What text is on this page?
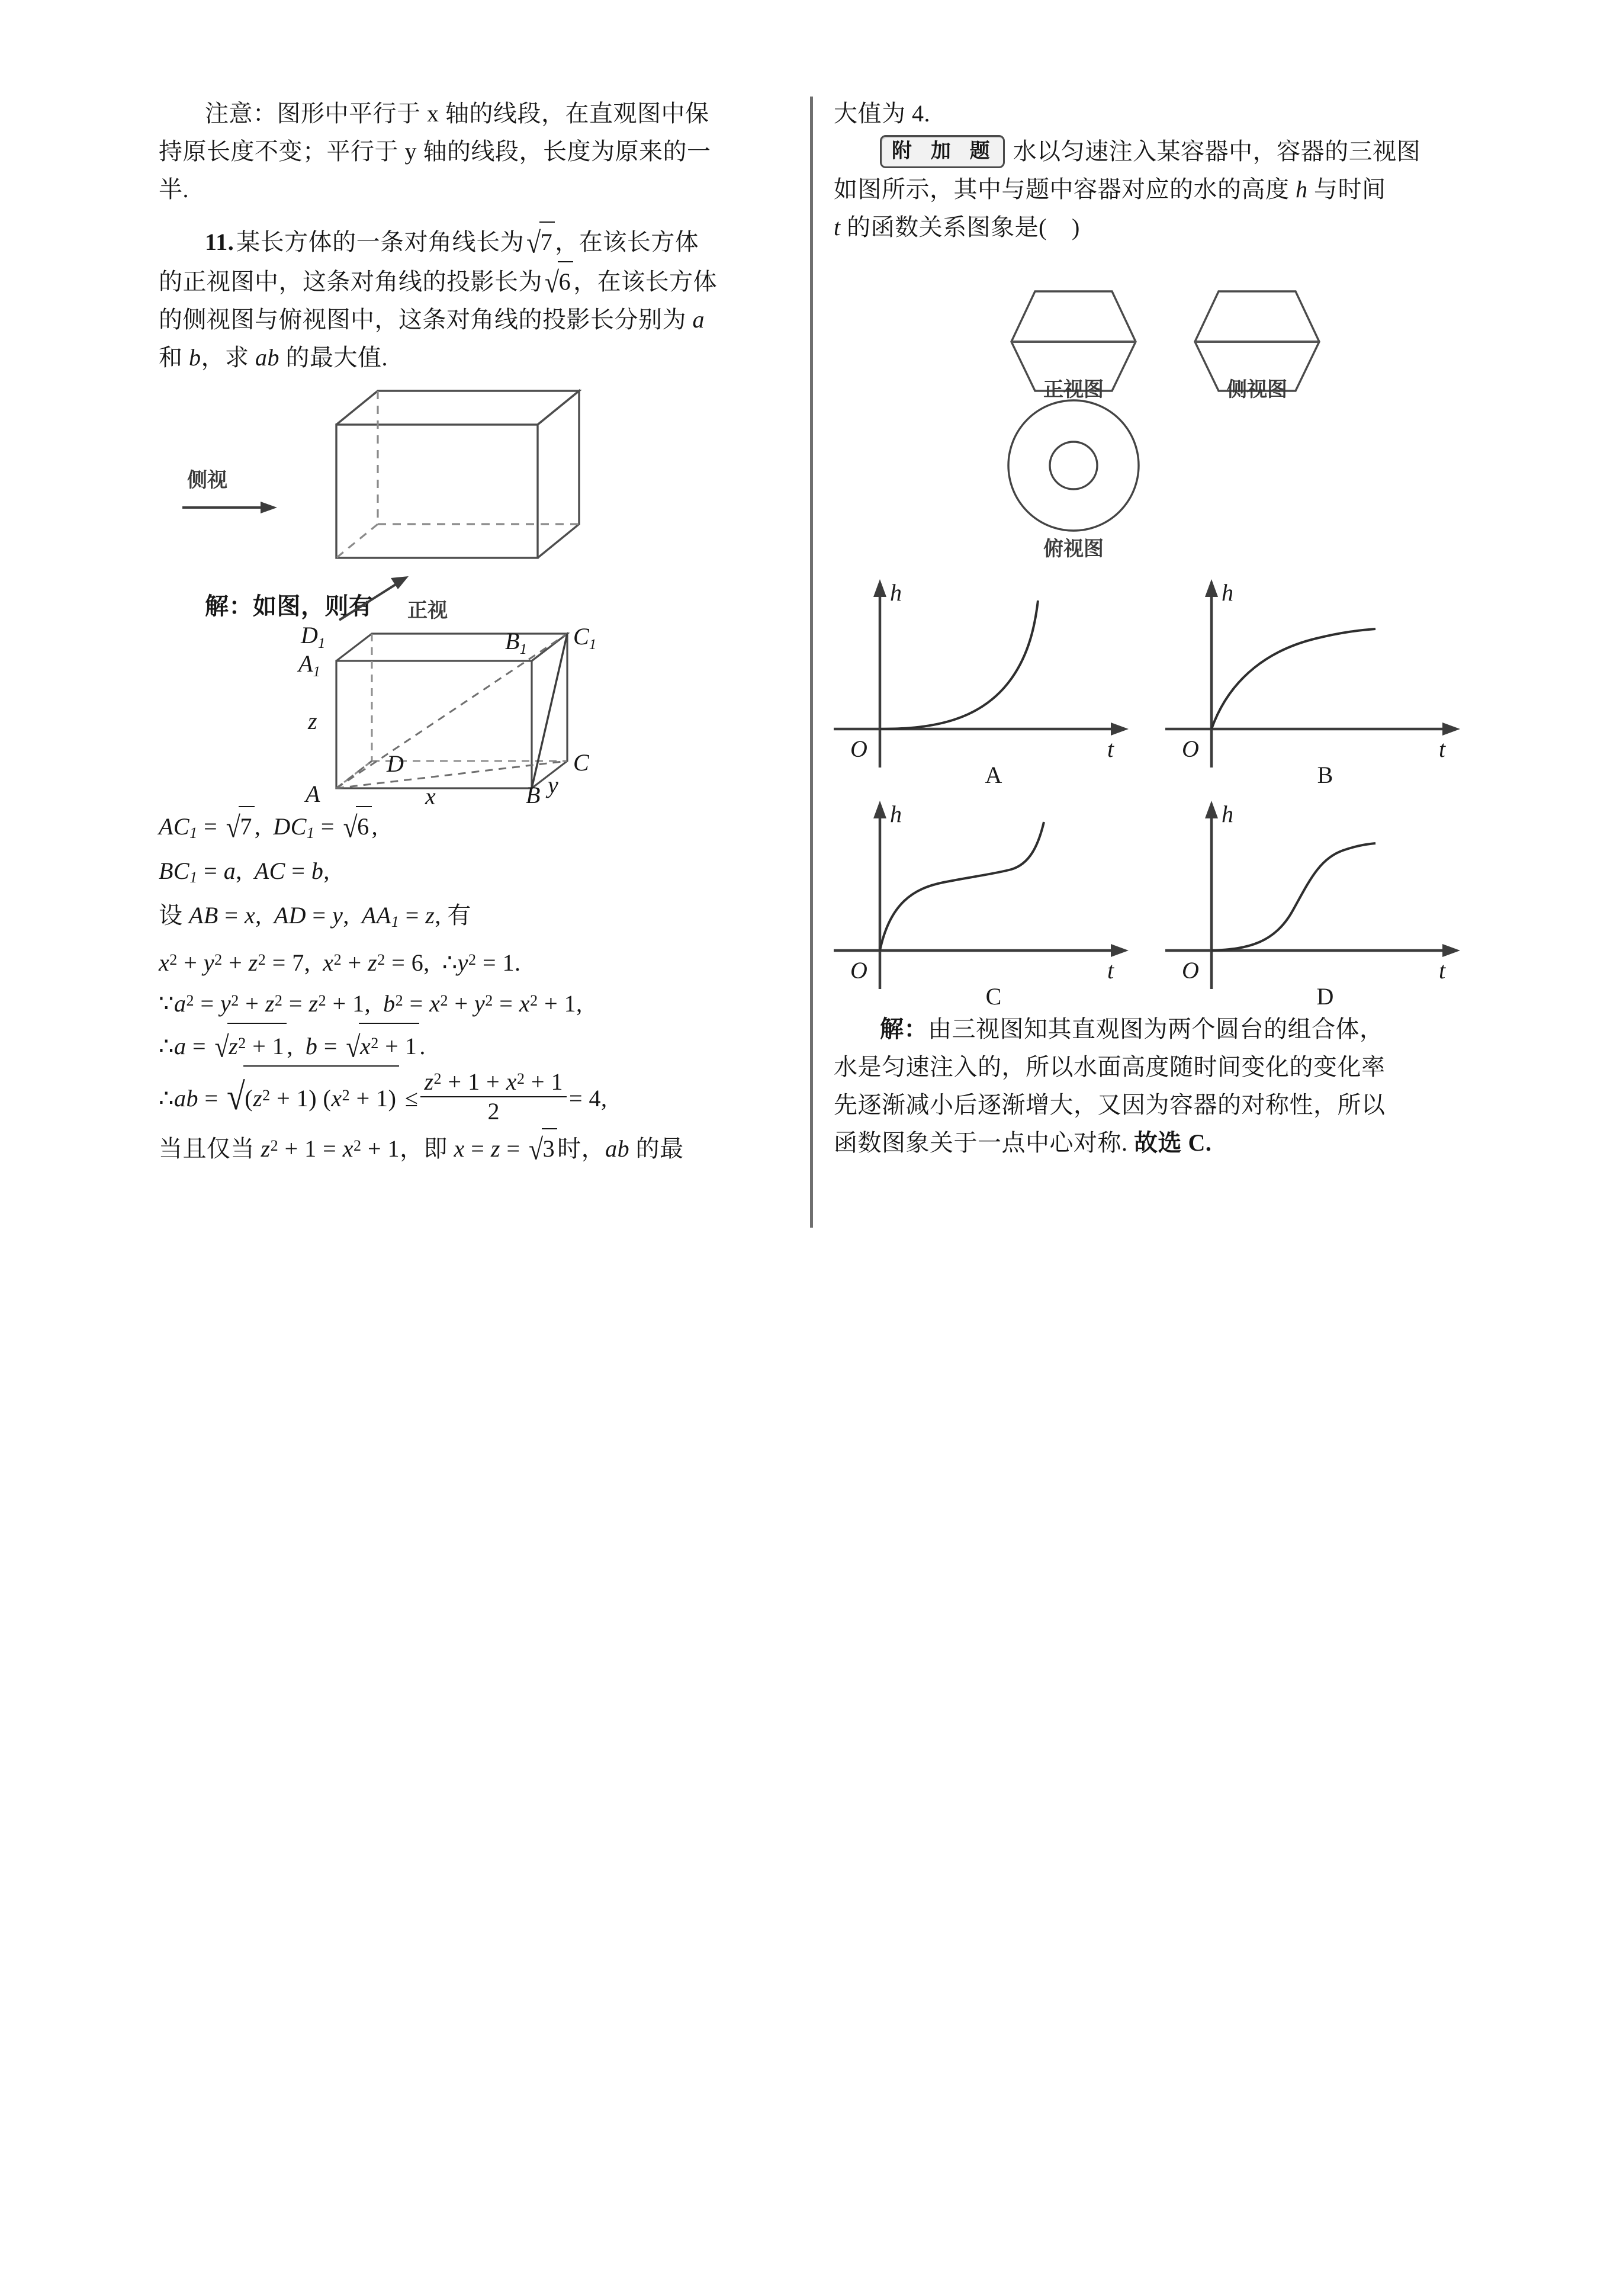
注意：图形中平行于 x 轴的线段，在直观图中保
持原长度不变；平行于 y 轴的线段，长度为原来的一
半.
11. 某长方体的一条对角线长为√7 ，在该长方体
的正视图中，这条对角线的投影长为√6 ，在该长方体
的侧视图与俯视图中，这条对角线的投影长分别为 a
和 b，求 ab 的最大值.
侧视
正视
解：如图，则有
$D_1$
$A_1$
$B_1$ $C_1$
D	C
A	B
z
x	y
$AC_1 = √7$ ,  $DC_1 = √6$ ,
$BC_1 = a$,  AC = b,
设 AB = x,  AD = y,  $AA_1 = z$, 有
$x^2 + y^2 + z^2 = 7$,  $x^2 + z^2 = 6$,  $\therefore y^2 = 1$.
$\because a^2 = y^2 + z^2 = z^2 + 1$,  $b^2 = x^2 + y^2 = x^2 + 1$,
∴a = $√z^2 + 1$ ,  $b = √x^2 + 1$ .
∴ab = $√(z^2 + 1) (x^2 + 1) \le \frac{z^2 + 1 + x^2 + 1}{2} = 4$,
当且仅当 $z^2 + 1 = x^2 + 1$，即 x = z = √3 时，ab 的最
大值为 4.
附 加 题 水以匀速注入某容器中，容器的三视图
如图所示，其中与题中容器对应的水的高度 h 与时间
t 的函数关系图象是(    )
正视图	侧视图
俯视图
O	t
h
O	t
h
A	B
O	t
h
O	t
h
C	D
解：由三视图知其直观图为两个圆台的组合体，
水是匀速注入的，所以水面高度随时间变化的变化率
先逐渐减小后逐渐增大，又因为容器的对称性，所以
函数图象关于一点中心对称. 故选 C.
